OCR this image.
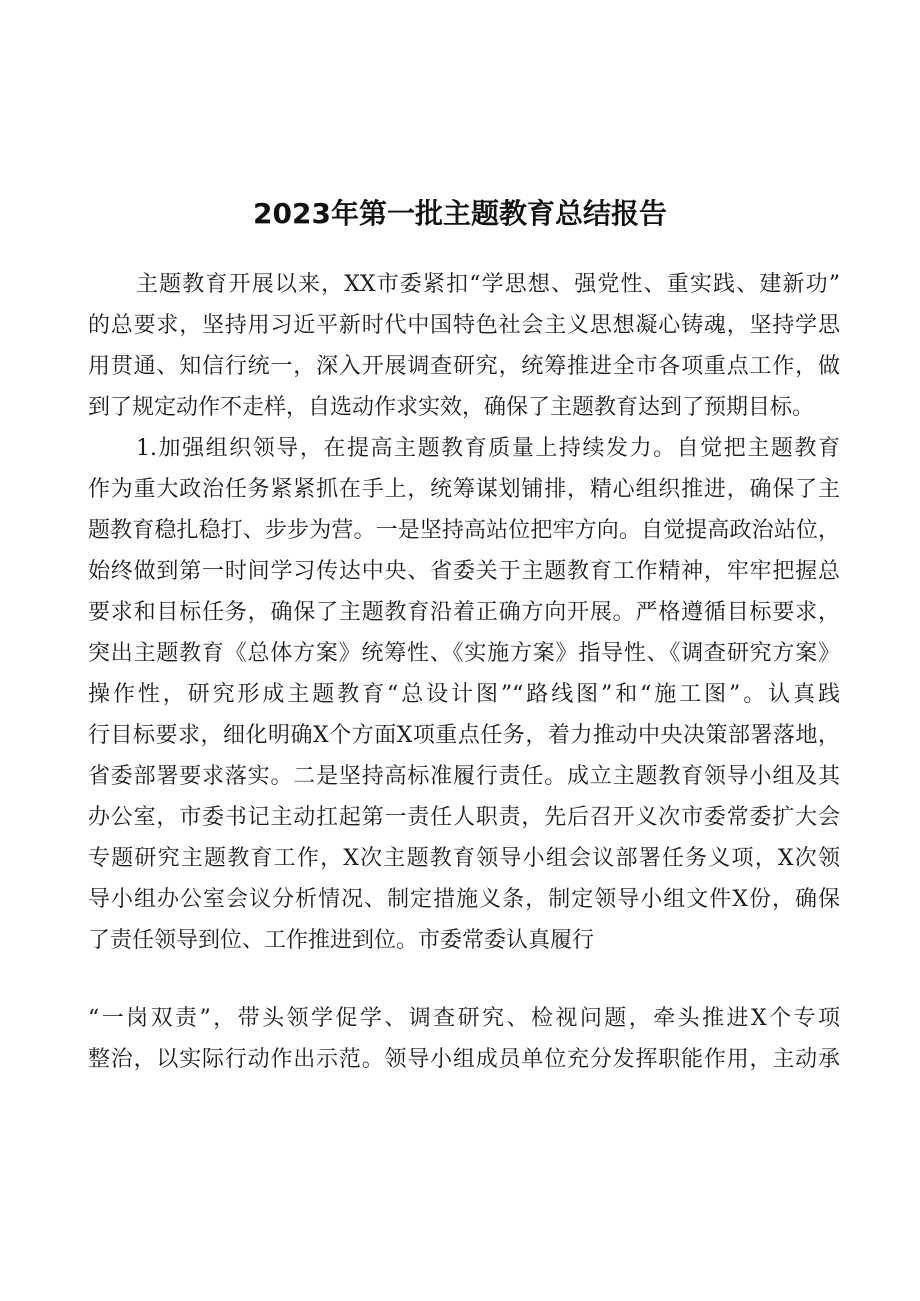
2023年第一批主题教育总结报告
主题教育开展以来，XX市委紧扣“学思想、强党性、重实践、建新功”
的总要求，坚持用习近平新时代中国特色社会主义思想凝心铸魂，坚持学思
用贯通、知信行统一，深入开展调查研究，统筹推进全市各项重点工作，做
到了规定动作不走样，自选动作求实效，确保了主题教育达到了预期目标。
1.加强组织领导，在提高主题教育质量上持续发力。自觉把主题教育
作为重大政治任务紧紧抓在手上，统筹谋划铺排，精心组织推进，确保了主
题教育稳扎稳打、步步为营。一是坚持高站位把牢方向。自觉提高政治站位，
始终做到第一时间学习传达中央、省委关于主题教育工作精神，牢牢把握总
要求和目标任务，确保了主题教育沿着正确方向开展。严格遵循目标要求，
突出主题教育《总体方案》统筹性、《实施方案》指导性、《调查研究方案》
操作性，研究形成主题教育“总设计图”“路线图”和“施工图”。认真践
行目标要求，细化明确X个方面X项重点任务，着力推动中央决策部署落地，
省委部署要求落实。二是坚持高标准履行责任。成立主题教育领导小组及其
办公室，市委书记主动扛起第一责任人职责，先后召开义次市委常委扩大会
专题研究主题教育工作，X次主题教育领导小组会议部署任务义项，X次领
导小组办公室会议分析情况、制定措施义条，制定领导小组文件X份，确保
了责任领导到位、工作推进到位。市委常委认真履行
“一岗双责”，带头领学促学、调查研究、检视问题，牵头推进X个专项
整治，以实际行动作出示范。领导小组成员单位充分发挥职能作用，主动承
